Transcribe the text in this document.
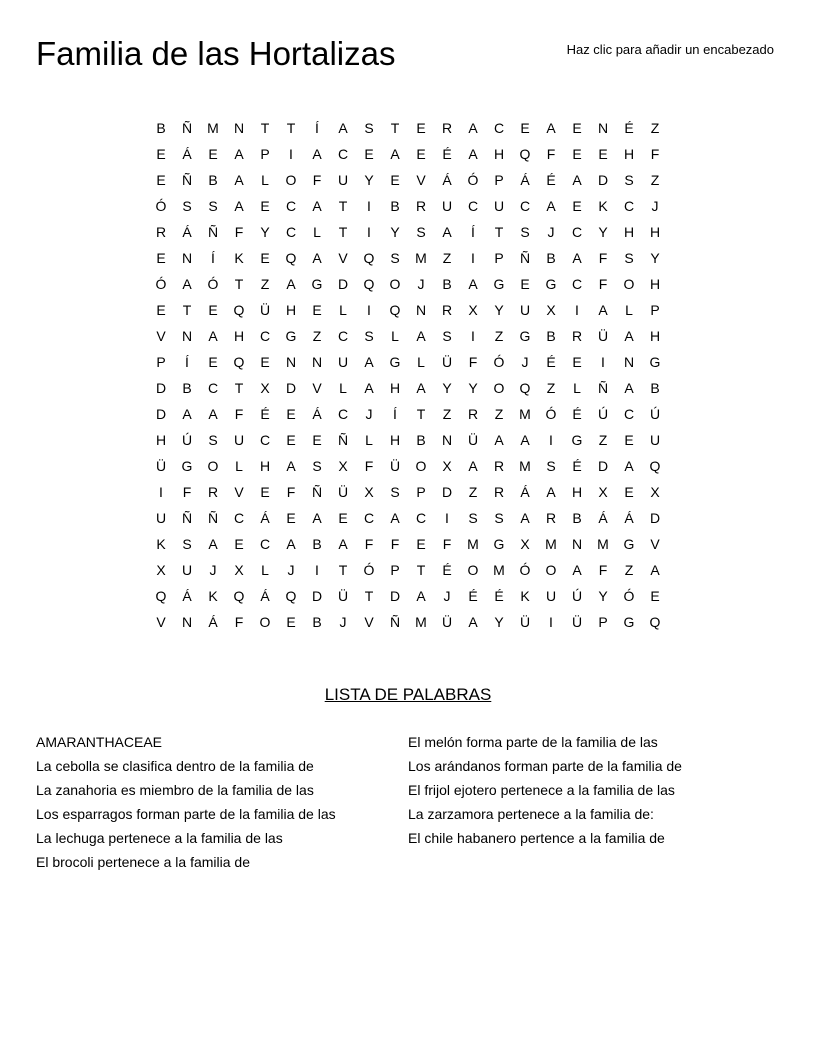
Familia de las Hortalizas	Haz clic para añadir un encabezado
B	Ñ	M	N	T	T	Í	A	S	T	E	R	A	C	E	A	E	N	É	Z
E	Á	E	A	P	I	A	C	E	A	E	É	A	H	Q	F	E	E	H	F
E	Ñ	B	A	L	O	F	U	Y	E	V	Á	Ó	P	Á	É	A	D	S	Z
Ó	S	S	A	E	C	A	T	I	B	R	U	C	U	C	A	E	K	C	J
R	Á	Ñ	F	Y	C	L	T	I	Y	S	A	Í	T	S	J	C	Y	H	H
E	N	Í	K	E	Q	A	V	Q	S	M	Z	I	P	Ñ	B	A	F	S	Y
Ó	A	Ó	T	Z	A	G	D	Q	O	J	B	A	G	E	G	C	F	O	H
E	T	E	Q	Ü	H	E	L	I	Q	N	R	X	Y	U	X	I	A	L	P
V	N	A	H	C	G	Z	C	S	L	A	S	I	Z	G	B	R	Ü	A	H
P	Í	E	Q	E	N	N	U	A	G	L	Ü	F	Ó	J	É	E	I	N	G
D	B	C	T	X	D	V	L	A	H	A	Y	Y	O	Q	Z	L	Ñ	A	B
D	A	A	F	É	E	Á	C	J	Í	T	Z	R	Z	M	Ó	É	Ú	C	Ú
H	Ú	S	U	C	E	E	Ñ	L	H	B	N	Ü	A	A	I	G	Z	E	U
Ü	G	O	L	H	A	S	X	F	Ü	O	X	A	R	M	S	É	D	A	Q
I	F	R	V	E	F	Ñ	Ü	X	S	P	D	Z	R	Á	A	H	X	E	X
U	Ñ	Ñ	C	Á	E	A	E	C	A	C	I	S	S	A	R	B	Á	Á	D
K	S	A	E	C	A	B	A	F	F	E	F	M	G	X	M	N	M	G	V
X	U	J	X	L	J	I	T	Ó	P	T	É	O	M	Ó	O	A	F	Z	A
Q	Á	K	Q	Á	Q	D	Ü	T	D	A	J	É	É	K	U	Ú	Y	Ó	E
V	N	Á	F	O	E	B	J	V	Ñ	M	Ü	A	Y	Ü	I	Ü	P	G	Q
LISTA DE PALABRAS
AMARANTHACEAE
La cebolla se clasifica dentro de la familia de
La zanahoria es miembro de la familia de las
Los esparragos forman parte de la familia de las
La lechuga pertenece a la familia de las
El brocoli pertenece a la familia de
El melón forma parte de la familia de las
Los arándanos forman parte de la familia de
El frijol ejotero pertenece a la familia de las
La zarzamora pertenece a la familia de:
El chile habanero pertence a la familia de
